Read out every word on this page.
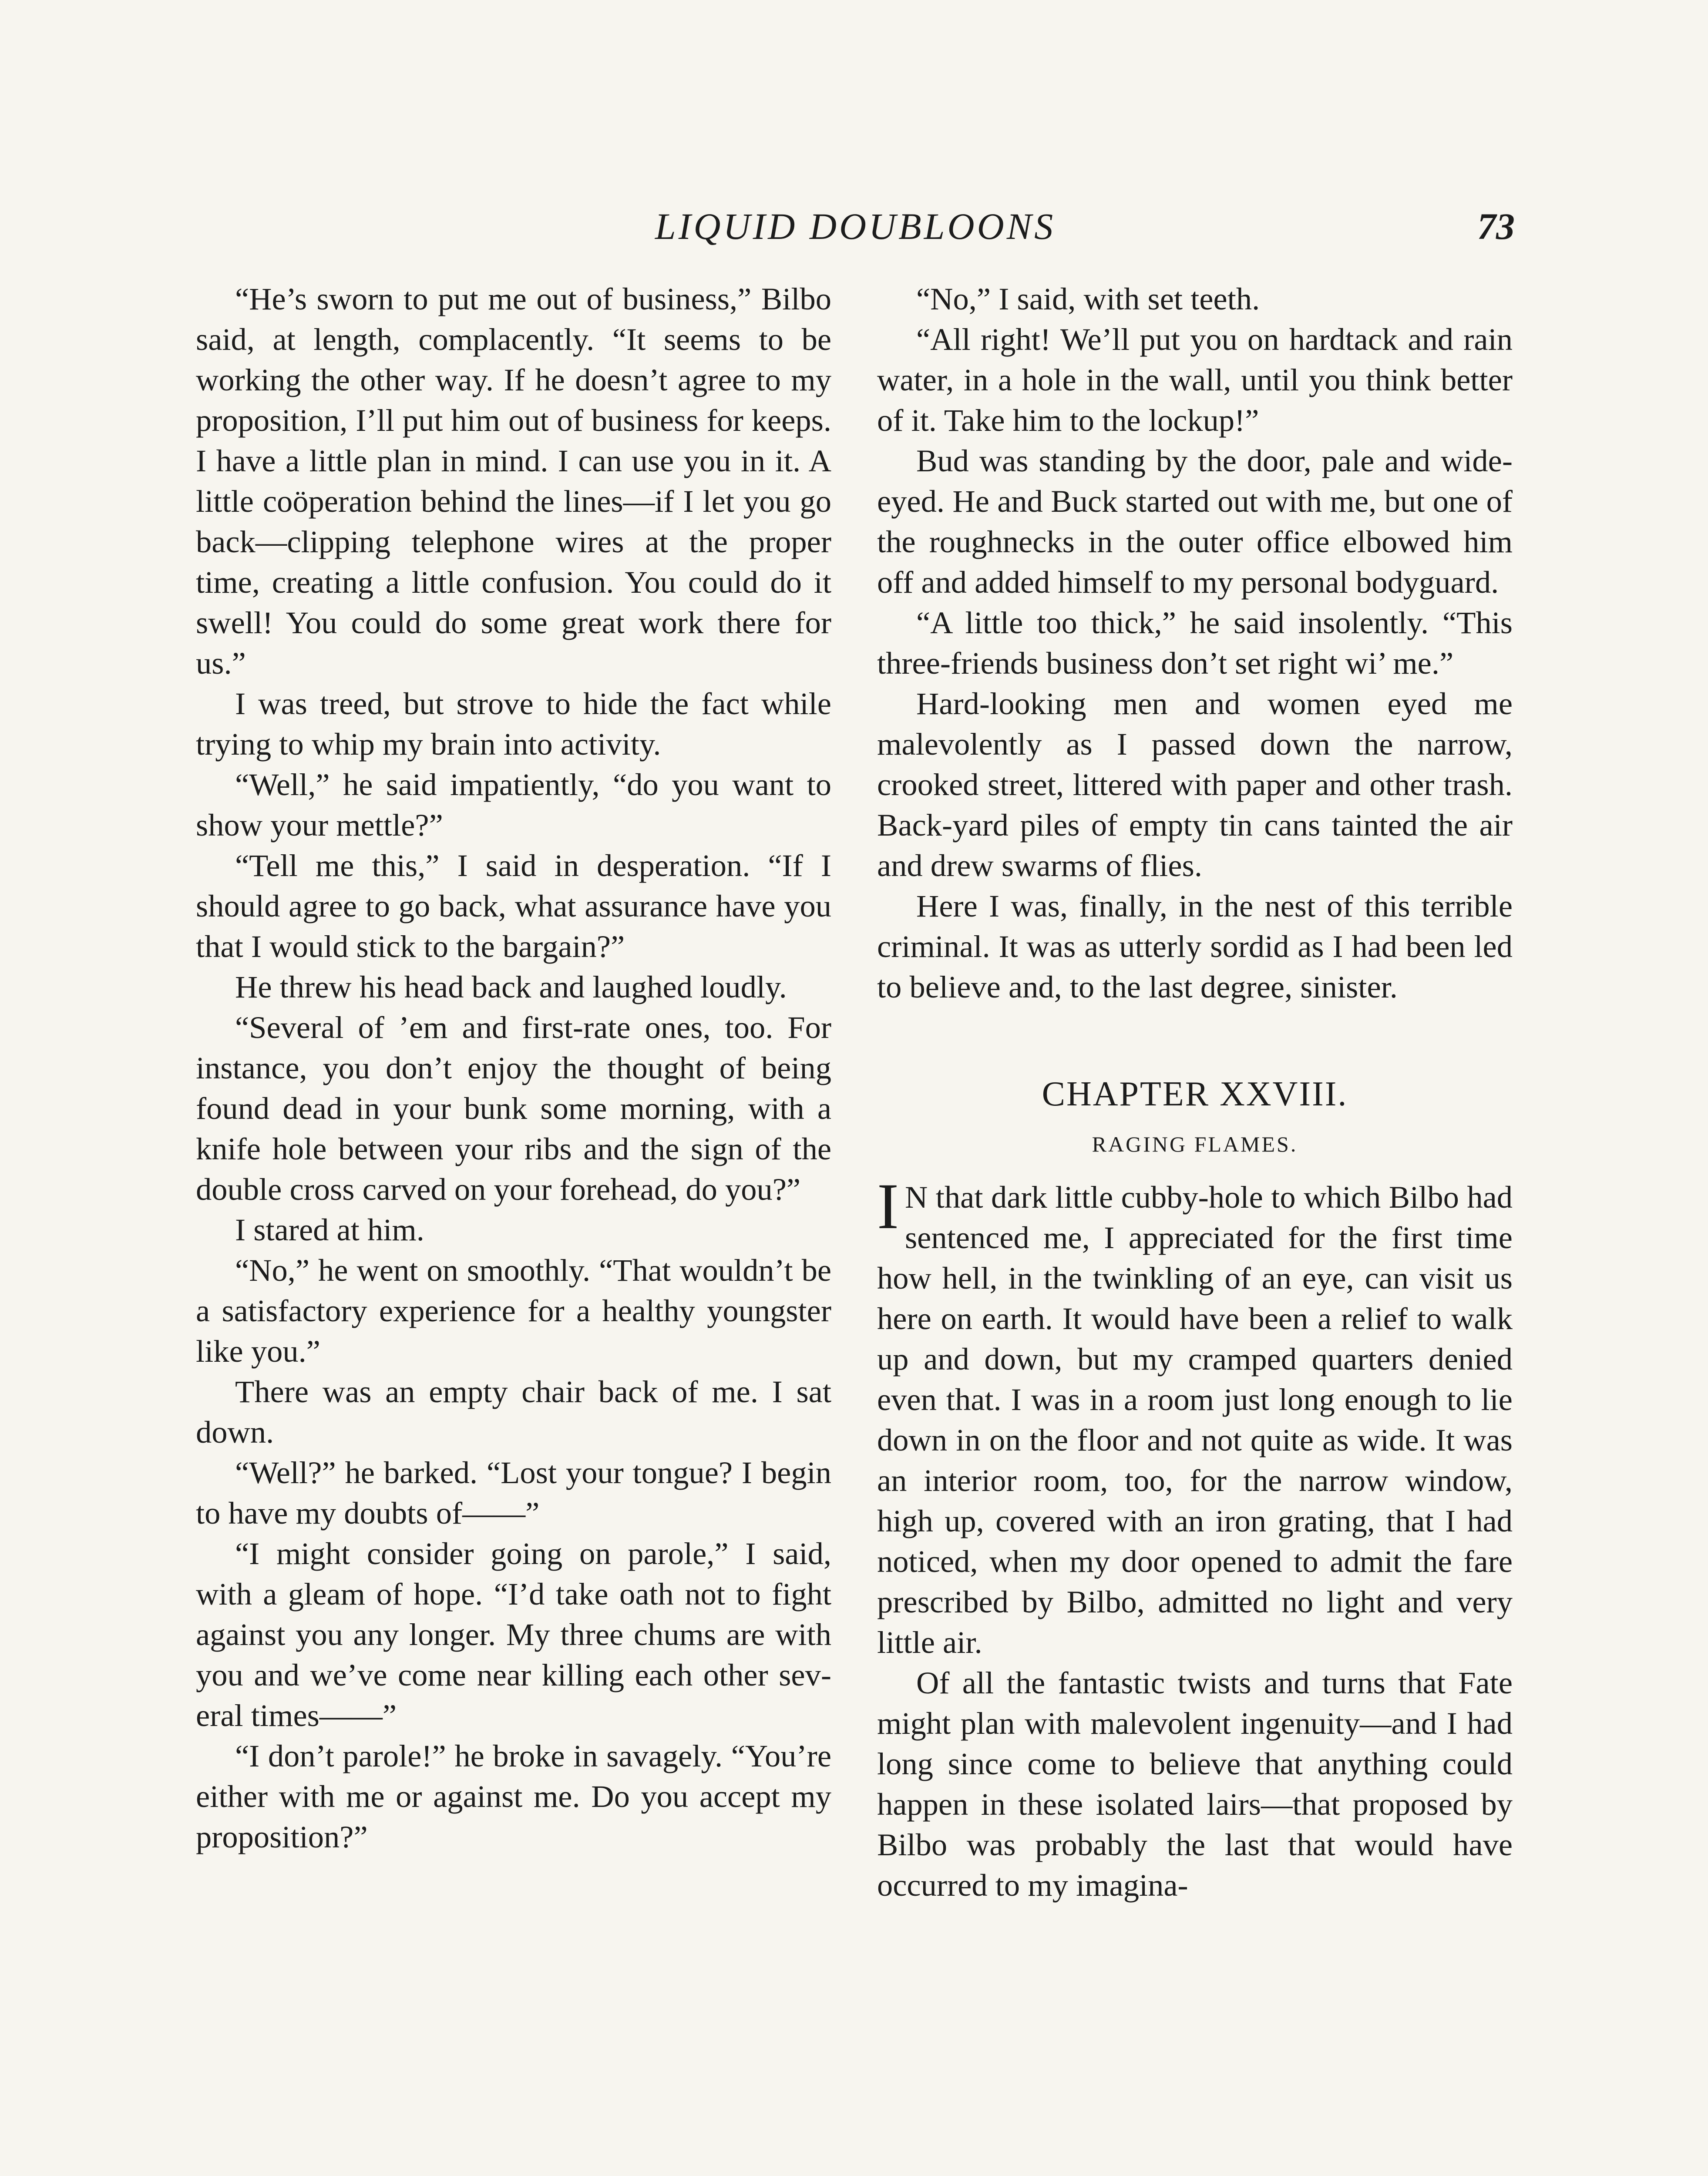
LIQUID DOUBLOONS	73

“He’s sworn to put me out of business,” Bilbo said, at length, complacently. “It seems to be working the other way. If he doesn’t agree to my proposition, I’ll put him out of business for keeps. I have a little plan in mind. I can use you in it. A little coöperation behind the lines—if I let you go back—clipping telephone wires at the proper time, creating a little confusion. You could do it swell! You could do some great work there for us.”

I was treed, but strove to hide the fact while trying to whip my brain into activity.

“Well,” he said impatiently, “do you want to show your mettle?”

“Tell me this,” I said in desperation. “If I should agree to go back, what assurance have you that I would stick to the bargain?”

He threw his head back and laughed loudly.

“Several of ’em and first-rate ones, too. For instance, you don’t enjoy the thought of being found dead in your bunk some morning, with a knife hole between your ribs and the sign of the double cross carved on your forehead, do you?”

I stared at him.

“No,” he went on smoothly. “That wouldn’t be a satisfactory experience for a healthy youngster like you.”

There was an empty chair back of me. I sat down.

“Well?” he barked. “Lost your tongue? I begin to have my doubts of——”

“I might consider going on parole,” I said, with a gleam of hope. “I’d take oath not to fight against you any longer. My three chums are with you and we’ve come near killing each other several times——”

“I don’t parole!” he broke in savagely. “You’re either with me or against me. Do you accept my proposition?”

“No,” I said, with set teeth.

“All right! We’ll put you on hardtack and rain water, in a hole in the wall, until you think better of it. Take him to the lockup!”

Bud was standing by the door, pale and wide-eyed. He and Buck started out with me, but one of the roughnecks in the outer office elbowed him off and added himself to my personal bodyguard.

“A little too thick,” he said insolently. “This three-friends business don’t set right wi’ me.”

Hard-looking men and women eyed me malevolently as I passed down the narrow, crooked street, littered with paper and other trash. Back-yard piles of empty tin cans tainted the air and drew swarms of flies.

Here I was, finally, in the nest of this terrible criminal. It was as utterly sordid as I had been led to believe and, to the last degree, sinister.

CHAPTER XXVIII.
RAGING FLAMES.

I N that dark little cubby-hole to which Bilbo had sentenced me, I appreciated for the first time how hell, in the twinkling of an eye, can visit us here on earth. It would have been a relief to walk up and down, but my cramped quarters denied even that. I was in a room just long enough to lie down in on the floor and not quite as wide. It was an interior room, too, for the narrow window, high up, covered with an iron grating, that I had noticed, when my door opened to admit the fare prescribed by Bilbo, admitted no light and very little air.

Of all the fantastic twists and turns that Fate might plan with malevolent ingenuity—and I had long since come to believe that anything could happen in these isolated lairs—that proposed by Bilbo was probably the last that would have occurred to my imagina-
